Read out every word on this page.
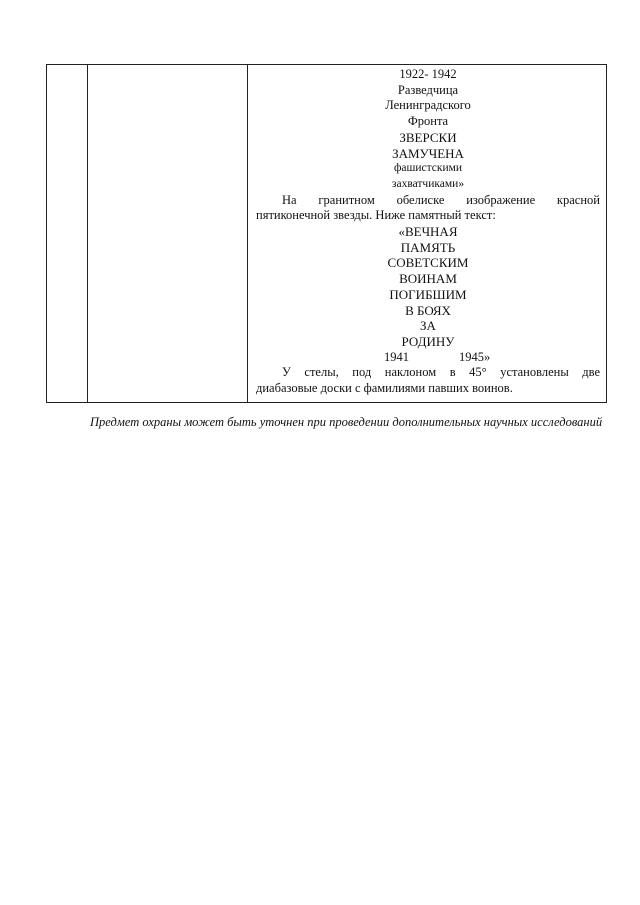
1922- 1942
Разведчица
Ленинградского
Фронта
ЗВЕРСКИ
ЗАМУЧЕНА
фашистскими
захватчиками»
На гранитном обелиске изображение красной
пятиконечной звезды. Ниже памятный текст:
«ВЕЧНАЯ
ПАМЯТЬ
СОВЕТСКИМ
ВОИНАМ
ПОГИБШИМ
В БОЯХ
ЗА
РОДИНУ
1941	1945»
У стелы, под наклоном в 45° установлены две
диабазовые доски с фамилиями павших воинов.
Предмет охраны может быть уточнен при проведении дополнительных научных исследований
